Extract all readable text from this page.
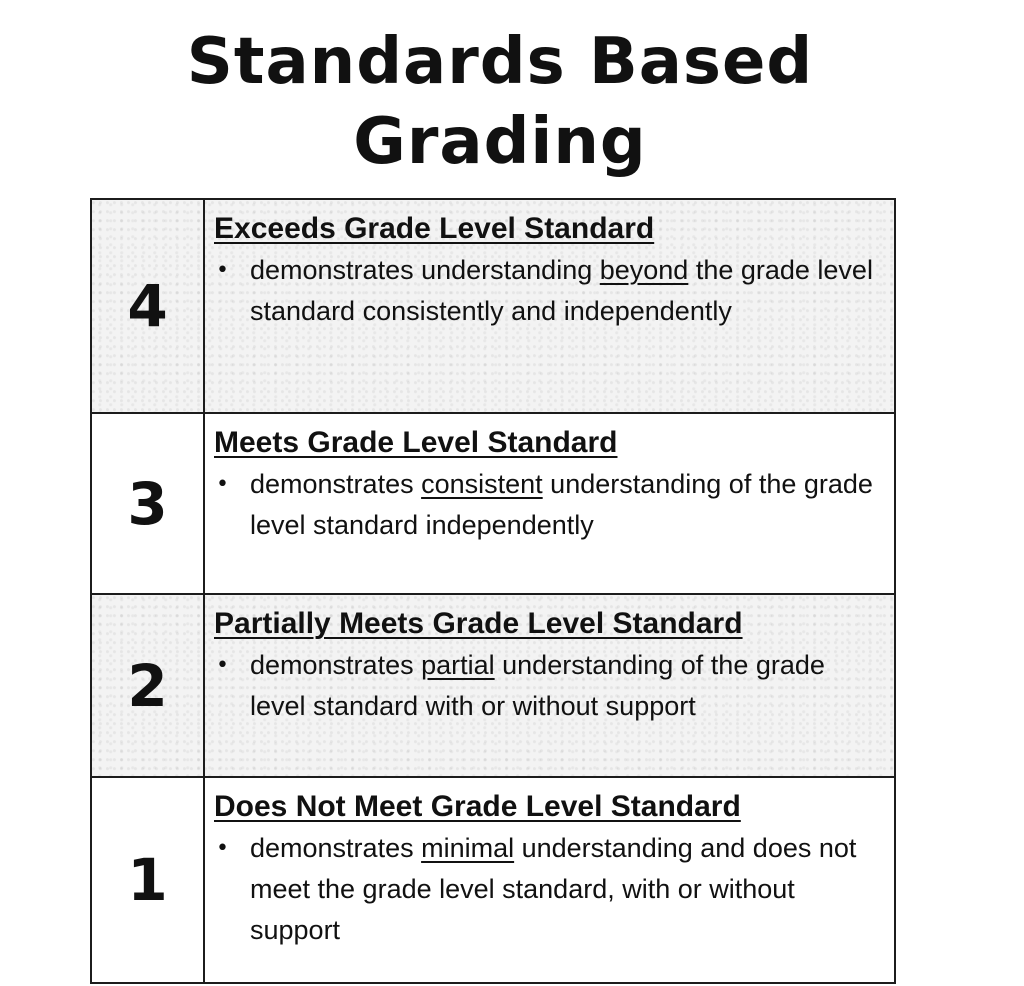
Standards Based
Grading
4
Exceeds Grade Level Standard
• demonstrates understanding beyond the grade level standard consistently and independently
3
Meets Grade Level Standard
• demonstrates consistent understanding of the grade level standard independently
2
Partially Meets Grade Level Standard
• demonstrates partial understanding of the grade level standard with or without support
1
Does Not Meet Grade Level Standard
• demonstrates minimal understanding and does not meet the grade level standard, with or without support
